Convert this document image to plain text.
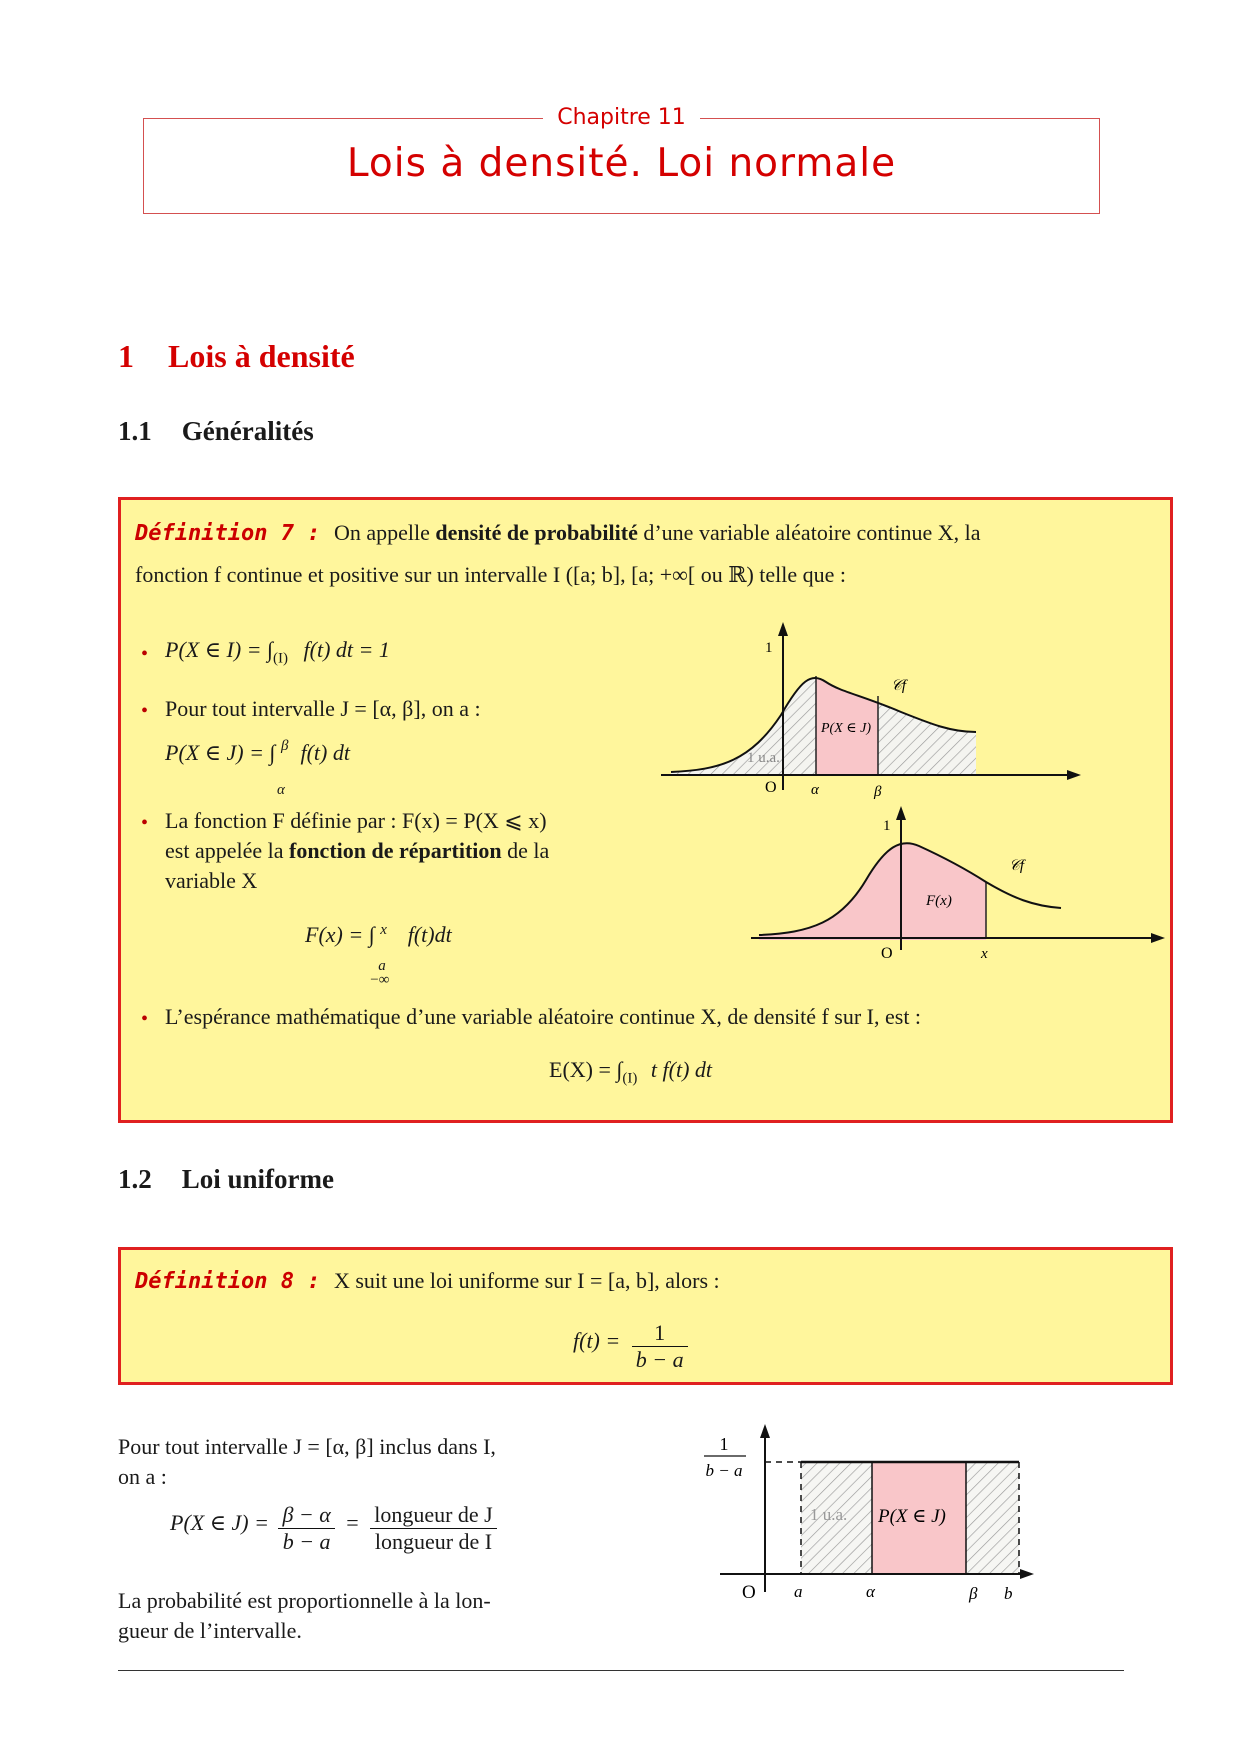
Chapitre 11
Lois à densité. Loi normale
1 Lois à densité
1.1 Généralités
Définition 7 : On appelle densité de probabilité d’une variable aléatoire continue X, la
fonction f continue et positive sur un intervalle I ([a; b], [a; +∞[ ou ℝ) telle que :
• P(X ∈ $I) = \int_{(I)}$ f(t) dt = 1
• Pour tout intervalle J = [α, β], on a :
P(X ∈ J) = ∫ β
α
f(t) dt
• La fonction F définie par : F(x) = P(X ⩽ x)
est appelée la fonction de répartition de la
variable X
F(x) = ∫ x
a
−∞
f(t)dt
• L’espérance mathématique d’une variable aléatoire continue X, de densité f sur I, est :
$E(X) = \int_{(I)}$ t f(t) dt
1
1 u.a.
P(X ∈ J)
𝒞f
O α	β
1
F(x)
𝒞f
O	x
1.2 Loi uniforme
Définition 8 : X suit une loi uniforme sur I = [a, b], alors :
$f(t) = \frac{1}{b - a}$
Pour tout intervalle J = [α, β] inclus dans I,
on a :
P(X ∈ $J) = \frac{\beta - \alpha}{b - a}$ = longueur de J
longueur de I
La probabilité est proportionnelle à la lon-
gueur de l’intervalle.
1
b − a
1 u.a. P(X ∈ J)
O a	α	β b
